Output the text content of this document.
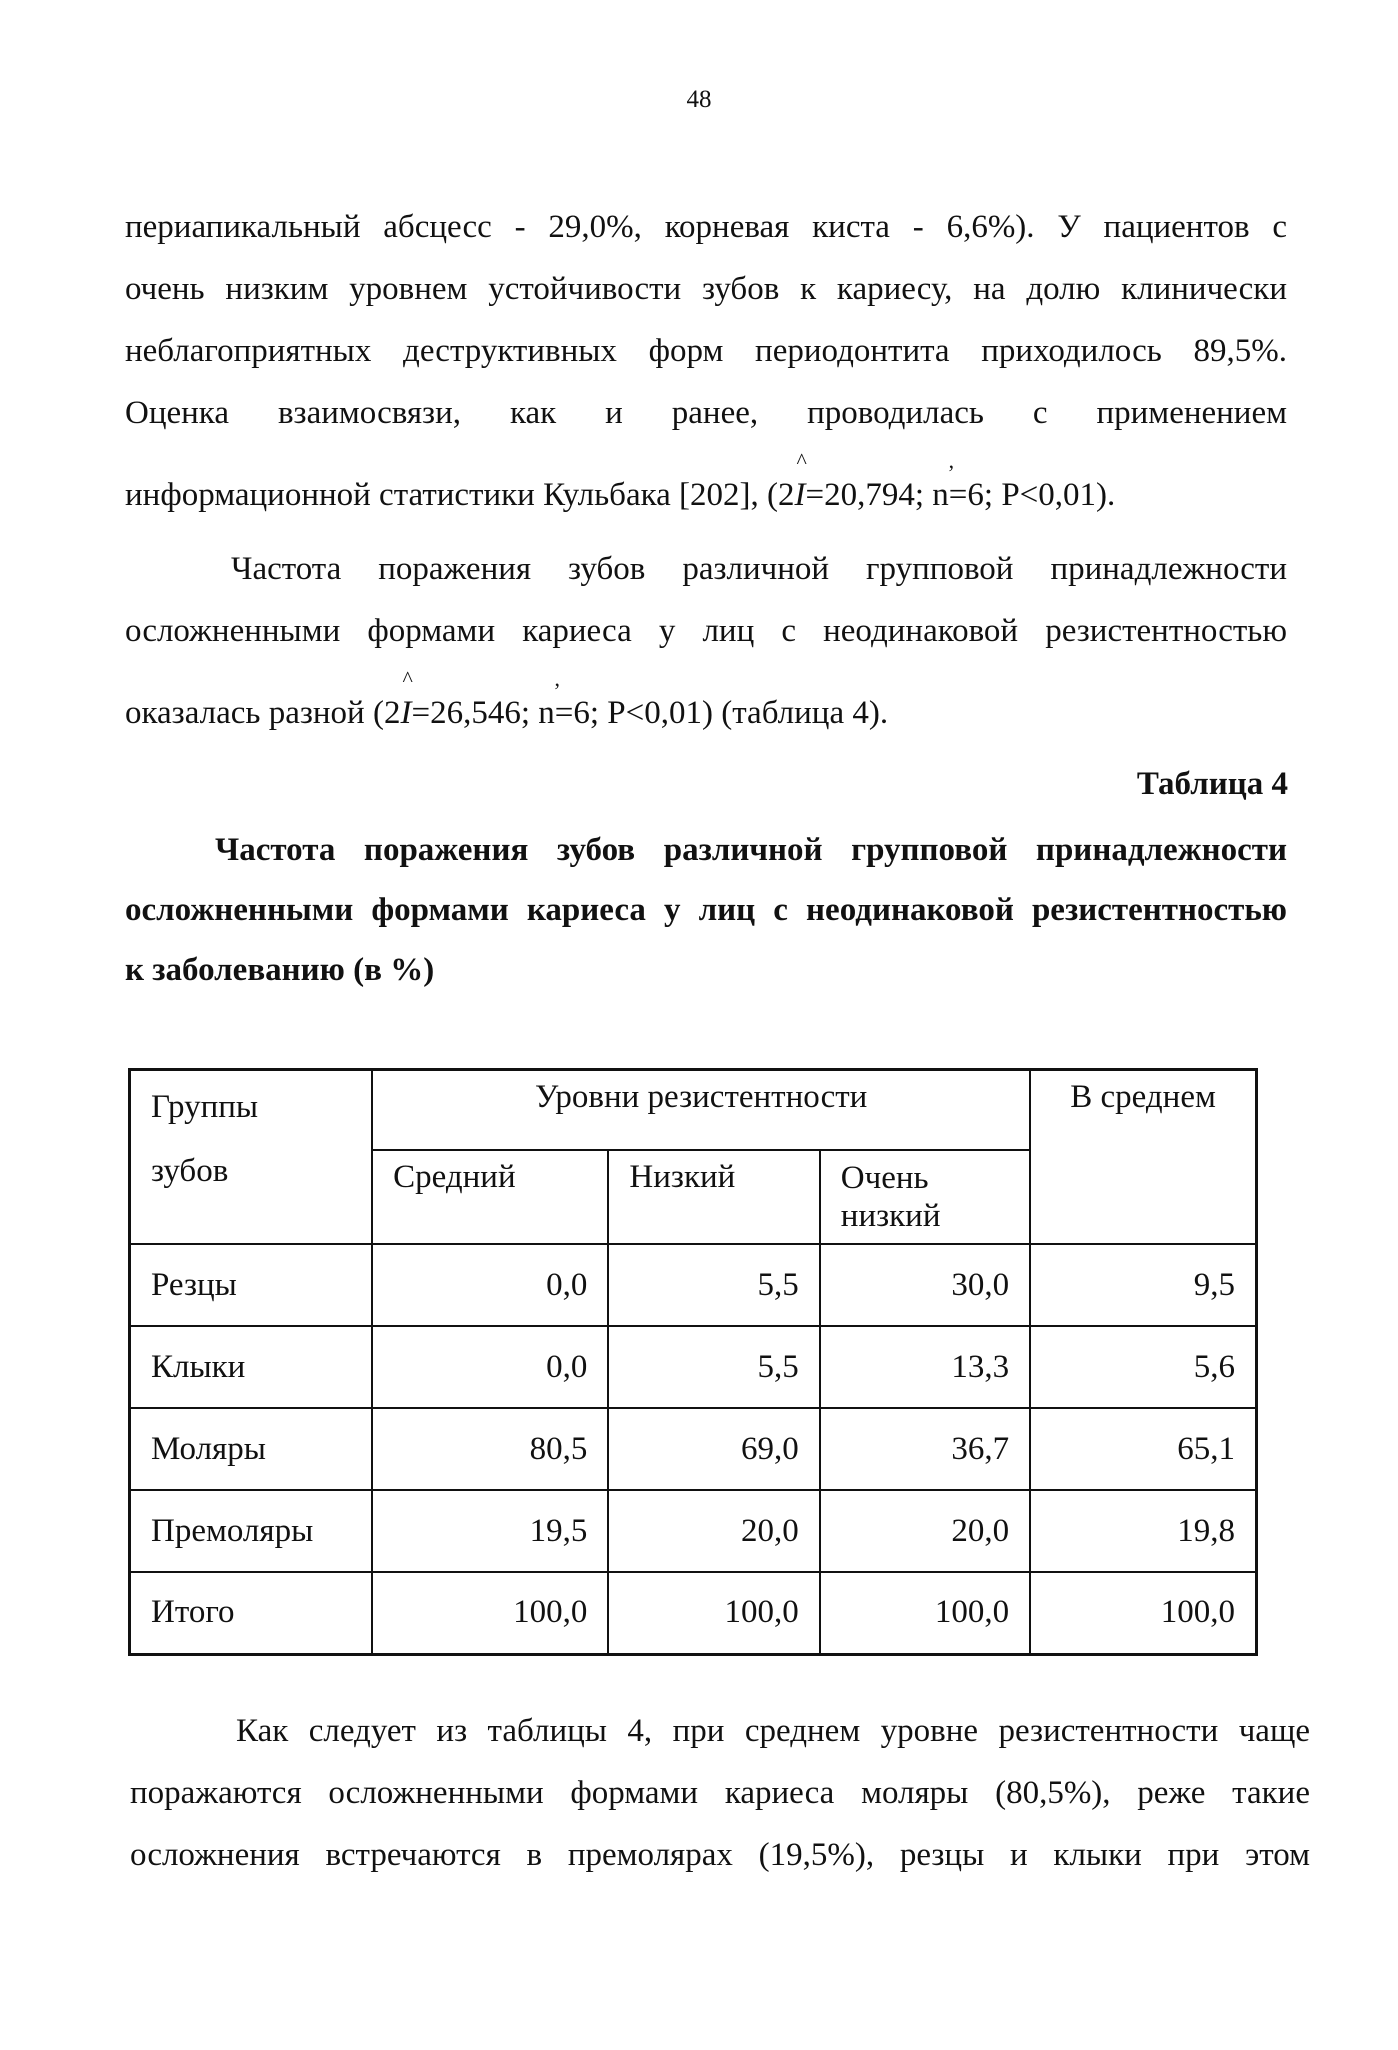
48
периапикальный абсцесс - 29,0%, корневая киста - 6,6%). У пациентов с
очень низким уровнем устойчивости зубов к кариесу, на долю клинически
неблагоприятных деструктивных форм периодонтита приходилось 89,5%.
Оценка взаимосвязи, как и ранее, проводилась с применением
информационной статистики Кульбака [202], (2^ I=20,794; n ’=6; P<0,01).
Частота поражения зубов различной групповой принадлежности
осложненными формами кариеса у лиц с неодинаковой резистентностью
оказалась разной (2^ I=26,546; n ’=6; P<0,01) (таблица 4).
Таблица 4
Частота поражения зубов различной групповой принадлежности
осложненными формами кариеса у лиц с неодинаковой резистентностью
к заболеванию (в %)
Группы
зубов	Уровни резистентности			В среднем
	Средний	Низкий	Очень
низкий	
Резцы	0,0	5,5	30,0	9,5
Клыки	0,0	5,5	13,3	5,6
Моляры	80,5	69,0	36,7	65,1
Премоляры	19,5	20,0	20,0	19,8
Итого	100,0	100,0	100,0	100,0
Как следует из таблицы 4, при среднем уровне резистентности чаще
поражаются осложненными формами кариеса моляры (80,5%), реже такие
осложнения встречаются в премолярах (19,5%), резцы и клыки при этом
